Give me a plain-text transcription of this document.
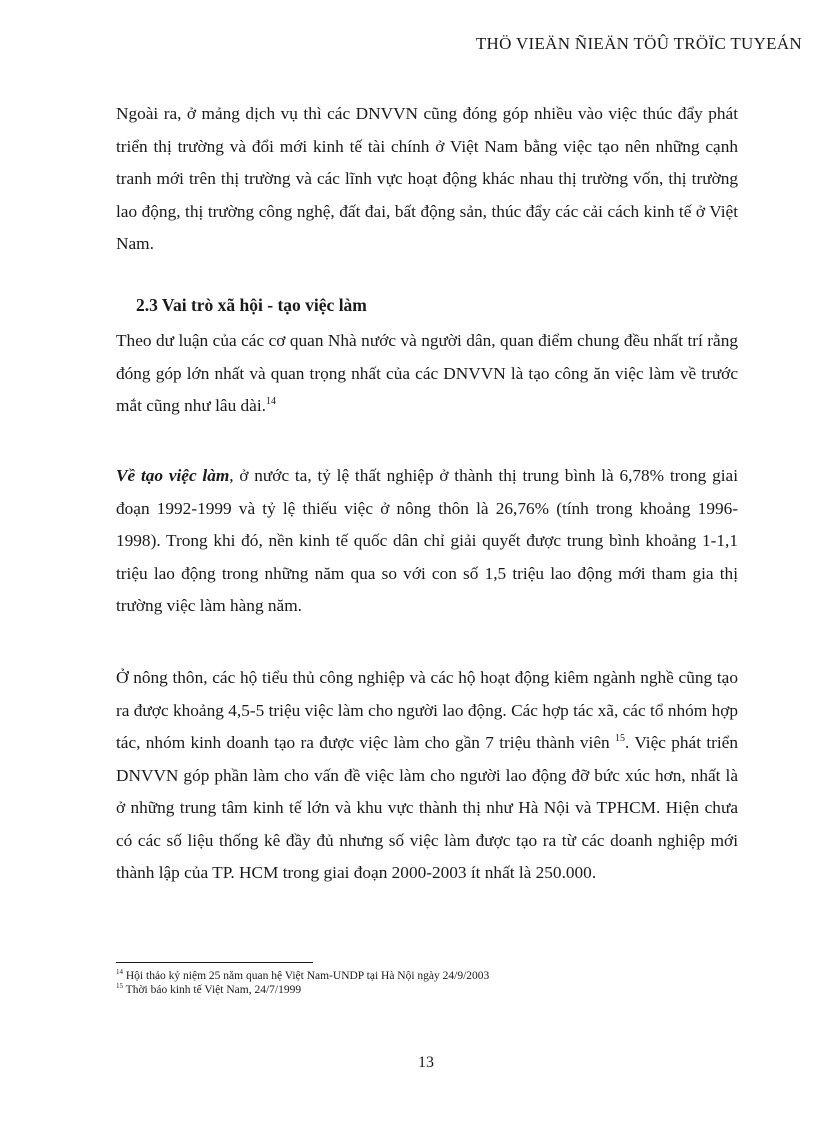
THÖ VIEÄN ÑIEÄN TÖÛ TRÖÏC TUYEÁN

Ngoài ra, ở mảng dịch vụ thì các DNVVN cũng đóng góp nhiều vào việc thúc đẩy phát triển thị trường và đổi mới kinh tế tài chính ở Việt Nam bằng việc tạo nên những cạnh tranh mới trên thị trường và các lĩnh vực hoạt động khác nhau thị trường vốn, thị trường lao động, thị trường công nghệ, đất đai, bất động sản, thúc đẩy các cải cách kinh tế ở Việt Nam.

2.3 Vai trò xã hội - tạo việc làm

Theo dư luận của các cơ quan Nhà nước và người dân, quan điểm chung đều nhất trí rằng đóng góp lớn nhất và quan trọng nhất của các DNVVN là tạo công ăn việc làm về trước mắt cũng như lâu dài.$^{14}$

Về tạo việc làm, ở nước ta, tỷ lệ thất nghiệp ở thành thị trung bình là 6,78% trong giai đoạn 1992-1999 và tỷ lệ thiếu việc ở nông thôn là 26,76% (tính trong khoảng 1996-1998). Trong khi đó, nền kinh tế quốc dân chỉ giải quyết được trung bình khoảng 1-1,1 triệu lao động trong những năm qua so với con số 1,5 triệu lao động mới tham gia thị trường việc làm hàng năm.

Ở nông thôn, các hộ tiểu thủ công nghiệp và các hộ hoạt động kiêm ngành nghề cũng tạo ra được khoảng 4,5-5 triệu việc làm cho người lao động. Các hợp tác xã, các tổ nhóm hợp tác, nhóm kinh doanh tạo ra được việc làm cho gần 7 triệu thành viên $^{15}$. Việc phát triển DNVVN góp phần làm cho vấn đề việc làm cho người lao động đỡ bức xúc hơn, nhất là ở những trung tâm kinh tế lớn và khu vực thành thị như Hà Nội và TPHCM. Hiện chưa có các số liệu thống kê đầy đủ nhưng số việc làm được tạo ra từ các doanh nghiệp mới thành lập của TP. HCM trong giai đoạn 2000-2003 ít nhất là 250.000.

$^{14}$ Hội thảo kỷ niệm 25 năm quan hệ Việt Nam-UNDP tại Hà Nội ngày 24/9/2003

$^{15}$ Thời báo kinh tế Việt Nam, 24/7/1999

13
